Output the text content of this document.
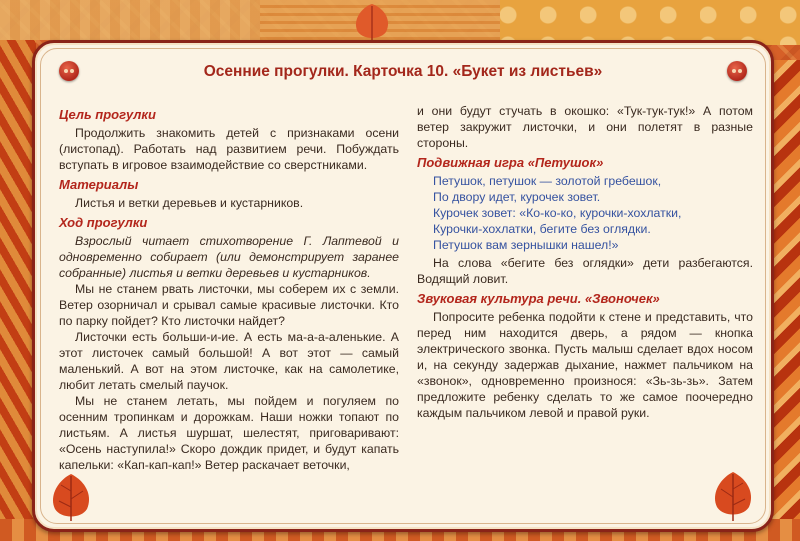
Осенние прогулки. Карточка 10. «Букет из листьев»
Цель прогулки

Продолжить знакомить детей с признаками осени (листопад). Работать над развитием речи. Побуждать вступать в игровое взаимодействие со сверстниками.

Материалы

Листья и ветки деревьев и кустарников.

Ход прогулки

Взрослый читает стихотворение Г. Лаптевой и одновременно собирает (или демонстрирует заранее собранные) листья и ветки деревьев и кустарников.

Мы не станем рвать листочки, мы соберем их с земли. Ветер озорничал и срывал самые красивые листочки. Кто по парку пойдет? Кто листочки найдет?

Листочки есть больши-и-ие. А есть ма-а-а-аленькие. А этот листочек самый большой! А вот этот — самый маленький. А вот на этом листочке, как на самолетике, любит летать смелый паучок.

Мы не станем летать, мы пойдем и погуляем по осенним тропинкам и дорожкам. Наши ножки топают по листьям. А листья шуршат, шелестят, приговаривают: «Осень наступила!» Скоро дождик придет, и будут капать капельки: «Кап-кап-кап!» Ветер раскачает веточки,

и они будут стучать в окошко: «Тук-тук-тук!» А потом ветер закружит листочки, и они полетят в разные стороны.

Подвижная игра «Петушок»
Петушок, петушок — золотой гребешок,
По двору идет, курочек зовет.
Курочек зовет: «Ко-ко-ко, курочки-хохлатки,
Курочки-хохлатки, бегите без оглядки.
Петушок вам зернышки нашел!»

На слова «бегите без оглядки» дети разбегаются. Водящий ловит.

Звуковая культура речи. «Звоночек»

Попросите ребенка подойти к стене и представить, что перед ним находится дверь, а рядом — кнопка электрического звонка. Пусть малыш сделает вдох носом и, на секунду задержав дыхание, нажмет пальчиком на «звонок», одновременно произнося: «Зь-зь-зь». Затем предложите ребенку сделать то же самое поочередно каждым пальчиком левой и правой руки.
